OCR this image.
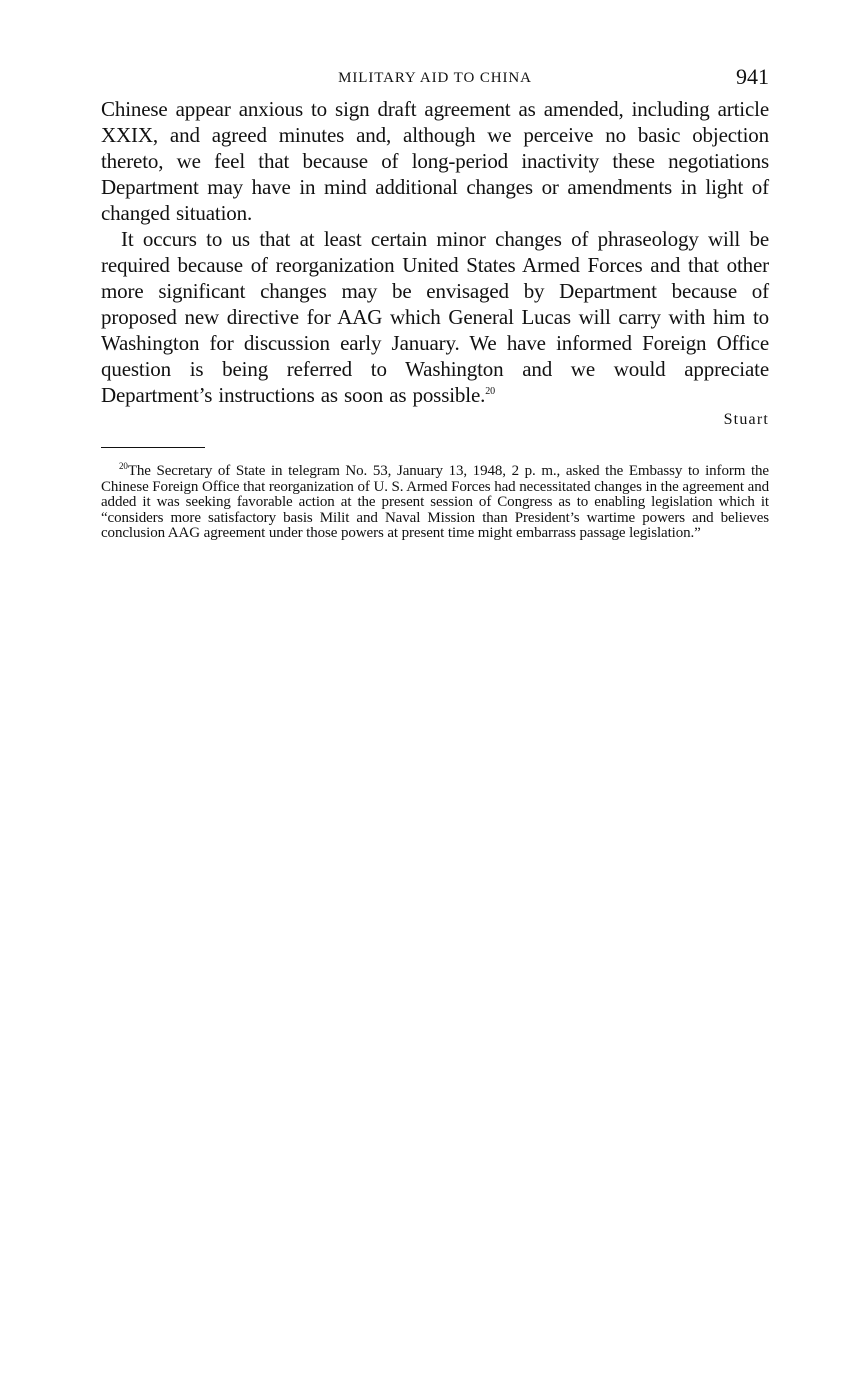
MILITARY AID TO CHINA	941

Chinese appear anxious to sign draft agreement as amended, including article XXIX, and agreed minutes and, although we perceive no basic objection thereto, we feel that because of long-period inactivity these negotiations Department may have in mind additional changes or amendments in light of changed situation.

It occurs to us that at least certain minor changes of phraseology will be required because of reorganization United States Armed Forces and that other more significant changes may be envisaged by Department because of proposed new directive for AAG which General Lucas will carry with him to Washington for discussion early January. We have informed Foreign Office question is being referred to Washington and we would appreciate Department’s instructions as soon as possible.$^{20}$

Stuart

$^{20}$The Secretary of State in telegram No. 53, January 13, 1948, 2 p. m., asked the Embassy to inform the Chinese Foreign Office that reorganization of U. S. Armed Forces had necessitated changes in the agreement and added it was seeking favorable action at the present session of Congress as to enabling legislation which it “considers more satisfactory basis Milit and Naval Mission than President’s wartime powers and believes conclusion AAG agreement under those powers at present time might embarrass passage legislation.”
